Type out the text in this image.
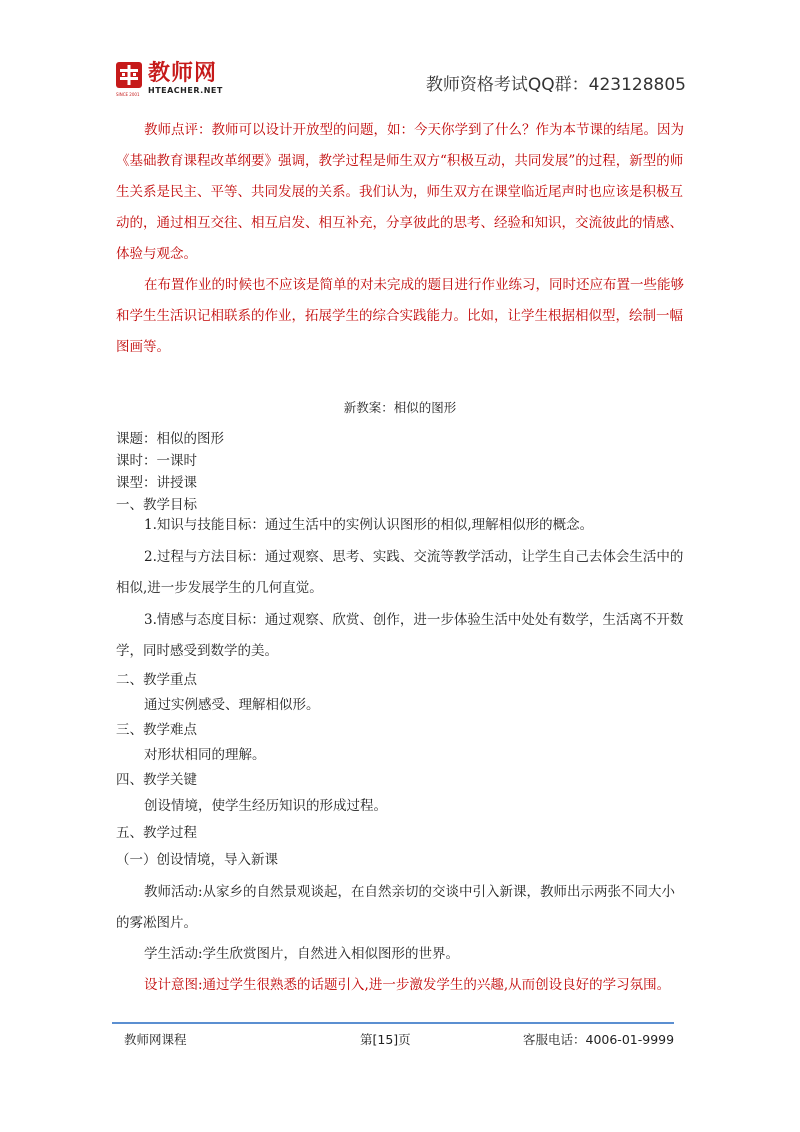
SINCE 2001
教师网
HTEACHER.NET	教师资格考试QQ群：423128805

教师点评：教师可以设计开放型的问题，如：今天你学到了什么？作为本节课的结尾。因为《基础教育课程改革纲要》强调，教学过程是师生双方“积极互动，共同发展”的过程，新型的师生关系是民主、平等、共同发展的关系。我们认为，师生双方在课堂临近尾声时也应该是积极互动的，通过相互交往、相互启发、相互补充，分享彼此的思考、经验和知识，交流彼此的情感、体验与观念。

在布置作业的时候也不应该是简单的对未完成的题目进行作业练习，同时还应布置一些能够和学生生活识记相联系的作业，拓展学生的综合实践能力。比如，让学生根据相似型，绘制一幅图画等。

新教案：相似的图形
课题：相似的图形
课时：一课时
课型：讲授课
一、教学目标

1.知识与技能目标：通过生活中的实例认识图形的相似,理解相似形的概念。

2.过程与方法目标：通过观察、思考、实践、交流等教学活动，让学生自己去体会生活中的相似,进一步发展学生的几何直觉。

3.情感与态度目标：通过观察、欣赏、创作，进一步体验生活中处处有数学，生活离不开数学，同时感受到数学的美。

二、教学重点
通过实例感受、理解相似形。
三、教学难点
对形状相同的理解。
四、教学关键
创设情境，使学生经历知识的形成过程。
五、教学过程
（一）创设情境，导入新课

教师活动:从家乡的自然景观谈起，在自然亲切的交谈中引入新课，教师出示两张不同大小的雾凇图片。

学生活动:学生欣赏图片，自然进入相似图形的世界。

设计意图:通过学生很熟悉的话题引入,进一步激发学生的兴趣,从而创设良好的学习氛围。

教师网课程	第[15]页	客服电话：4006-01-9999
